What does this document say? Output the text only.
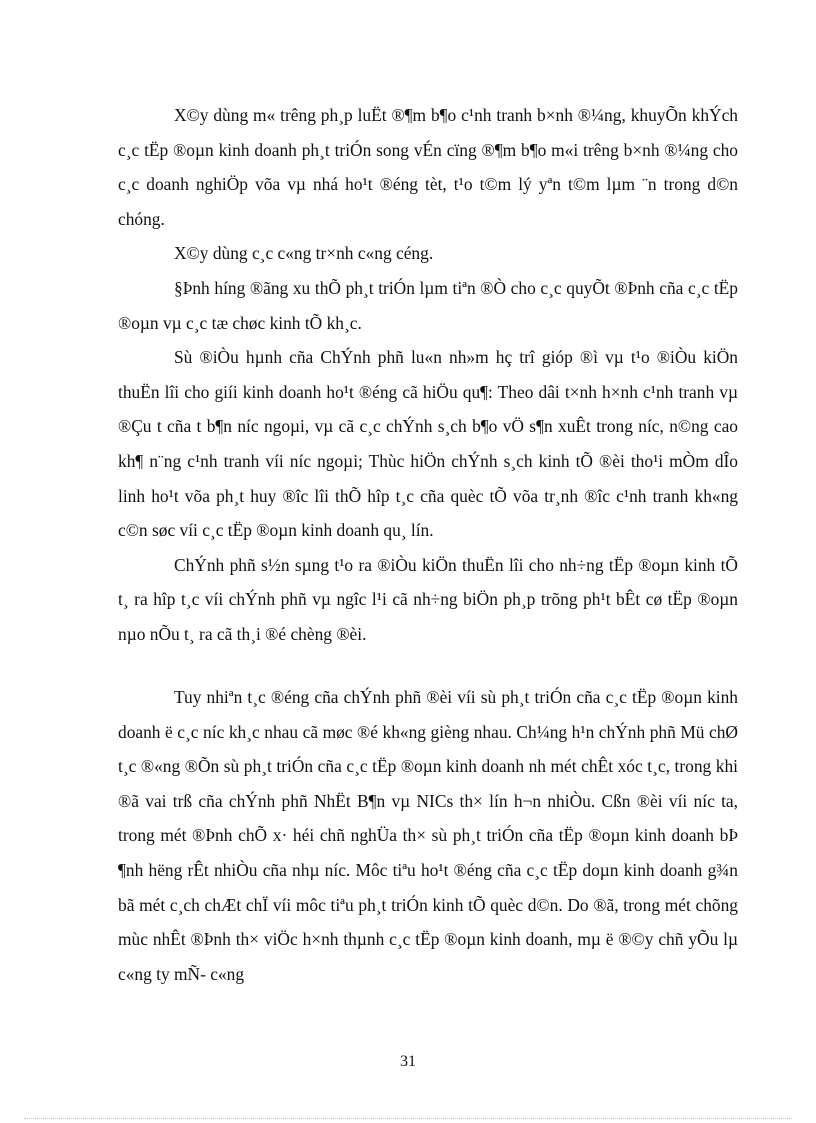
X©y dùng m« trêng ph¸p luËt ®¶m b¶o c¹nh tranh b×nh ®¼ng, khuyÕn khÝch c¸c tËp ®oµn kinh doanh ph¸t triÓn song vÉn cïng ®¶m b¶o m«i trêng b×nh ®¼ng cho c¸c doanh nghiÖp võa vµ nhá ho¹t ®éng tèt, t¹o t©m lý yªn t©m lµm ¨n trong d©n chóng.

X©y dùng c¸c c«ng tr×nh c«ng céng.

§Þnh híng ®ãng xu thÕ ph¸t triÓn lµm tiªn ®Ò cho c¸c quyÕt ®Þnh cña c¸c tËp ®oµn vµ c¸c tæ chøc kinh tÕ kh¸c.

Sù ®iÒu hµnh cña ChÝnh phñ lu«n nh»m hç trî gióp ®ì vµ t¹o ®iÒu kiÖn thuËn lîi cho giíi kinh doanh ho¹t ®éng cã hiÖu qu¶: Theo dâi t×nh h×nh c¹nh tranh vµ ®Çu t cña t b¶n níc ngoµi, vµ cã c¸c chÝnh s¸ch b¶o vÖ s¶n xuÊt trong níc, n©ng cao kh¶ n¨ng c¹nh tranh víi níc ngoµi; Thùc hiÖn chÝnh s¸ch kinh tÕ ®èi tho¹i mÒm dÎo linh ho¹t võa ph¸t huy ®îc lîi thÕ hîp t¸c cña quèc tÕ võa tr¸nh ®îc c¹nh tranh kh«ng c©n søc víi c¸c tËp ®oµn kinh doanh qu¸ lín.

ChÝnh phñ s½n sµng t¹o ra ®iÒu kiÖn thuËn lîi cho nh÷ng tËp ®oµn kinh tÕ t¸ ra hîp t¸c víi chÝnh phñ vµ ngîc l¹i cã nh÷ng biÖn ph¸p trõng ph¹t bÊt cø tËp ®oµn nµo nÕu t¸ ra cã th¸i ®é chèng ®èi.

Tuy nhiªn t¸c ®éng cña chÝnh phñ ®èi víi sù ph¸t triÓn cña c¸c tËp ®oµn kinh doanh ë c¸c níc kh¸c nhau cã møc ®é kh«ng gièng nhau. Ch¼ng h¹n chÝnh phñ Mü chØ t¸c ®«ng ®Õn sù ph¸t triÓn cña c¸c tËp ®oµn kinh doanh nh mét chÊt xóc t¸c, trong khi ®ã vai trß cña chÝnh phñ NhËt B¶n vµ NICs th× lín h¬n nhiÒu. Cßn ®èi víi níc ta, trong mét ®Þnh chÕ x· héi chñ nghÜa th× sù ph¸t triÓn cña tËp ®oµn kinh doanh bÞ ¶nh hëng rÊt nhiÒu cña nhµ níc. Môc tiªu ho¹t ®éng cña c¸c tËp doµn kinh doanh g¾n bã mét c¸ch chÆt chÏ víi môc tiªu ph¸t triÓn kinh tÕ quèc d©n. Do ®ã, trong mét chõng mùc nhÊt ®Þnh th× viÖc h×nh thµnh c¸c tËp ®oµn kinh doanh, mµ ë ®©y chñ yÕu lµ c«ng ty mÑ- c«ng

31
